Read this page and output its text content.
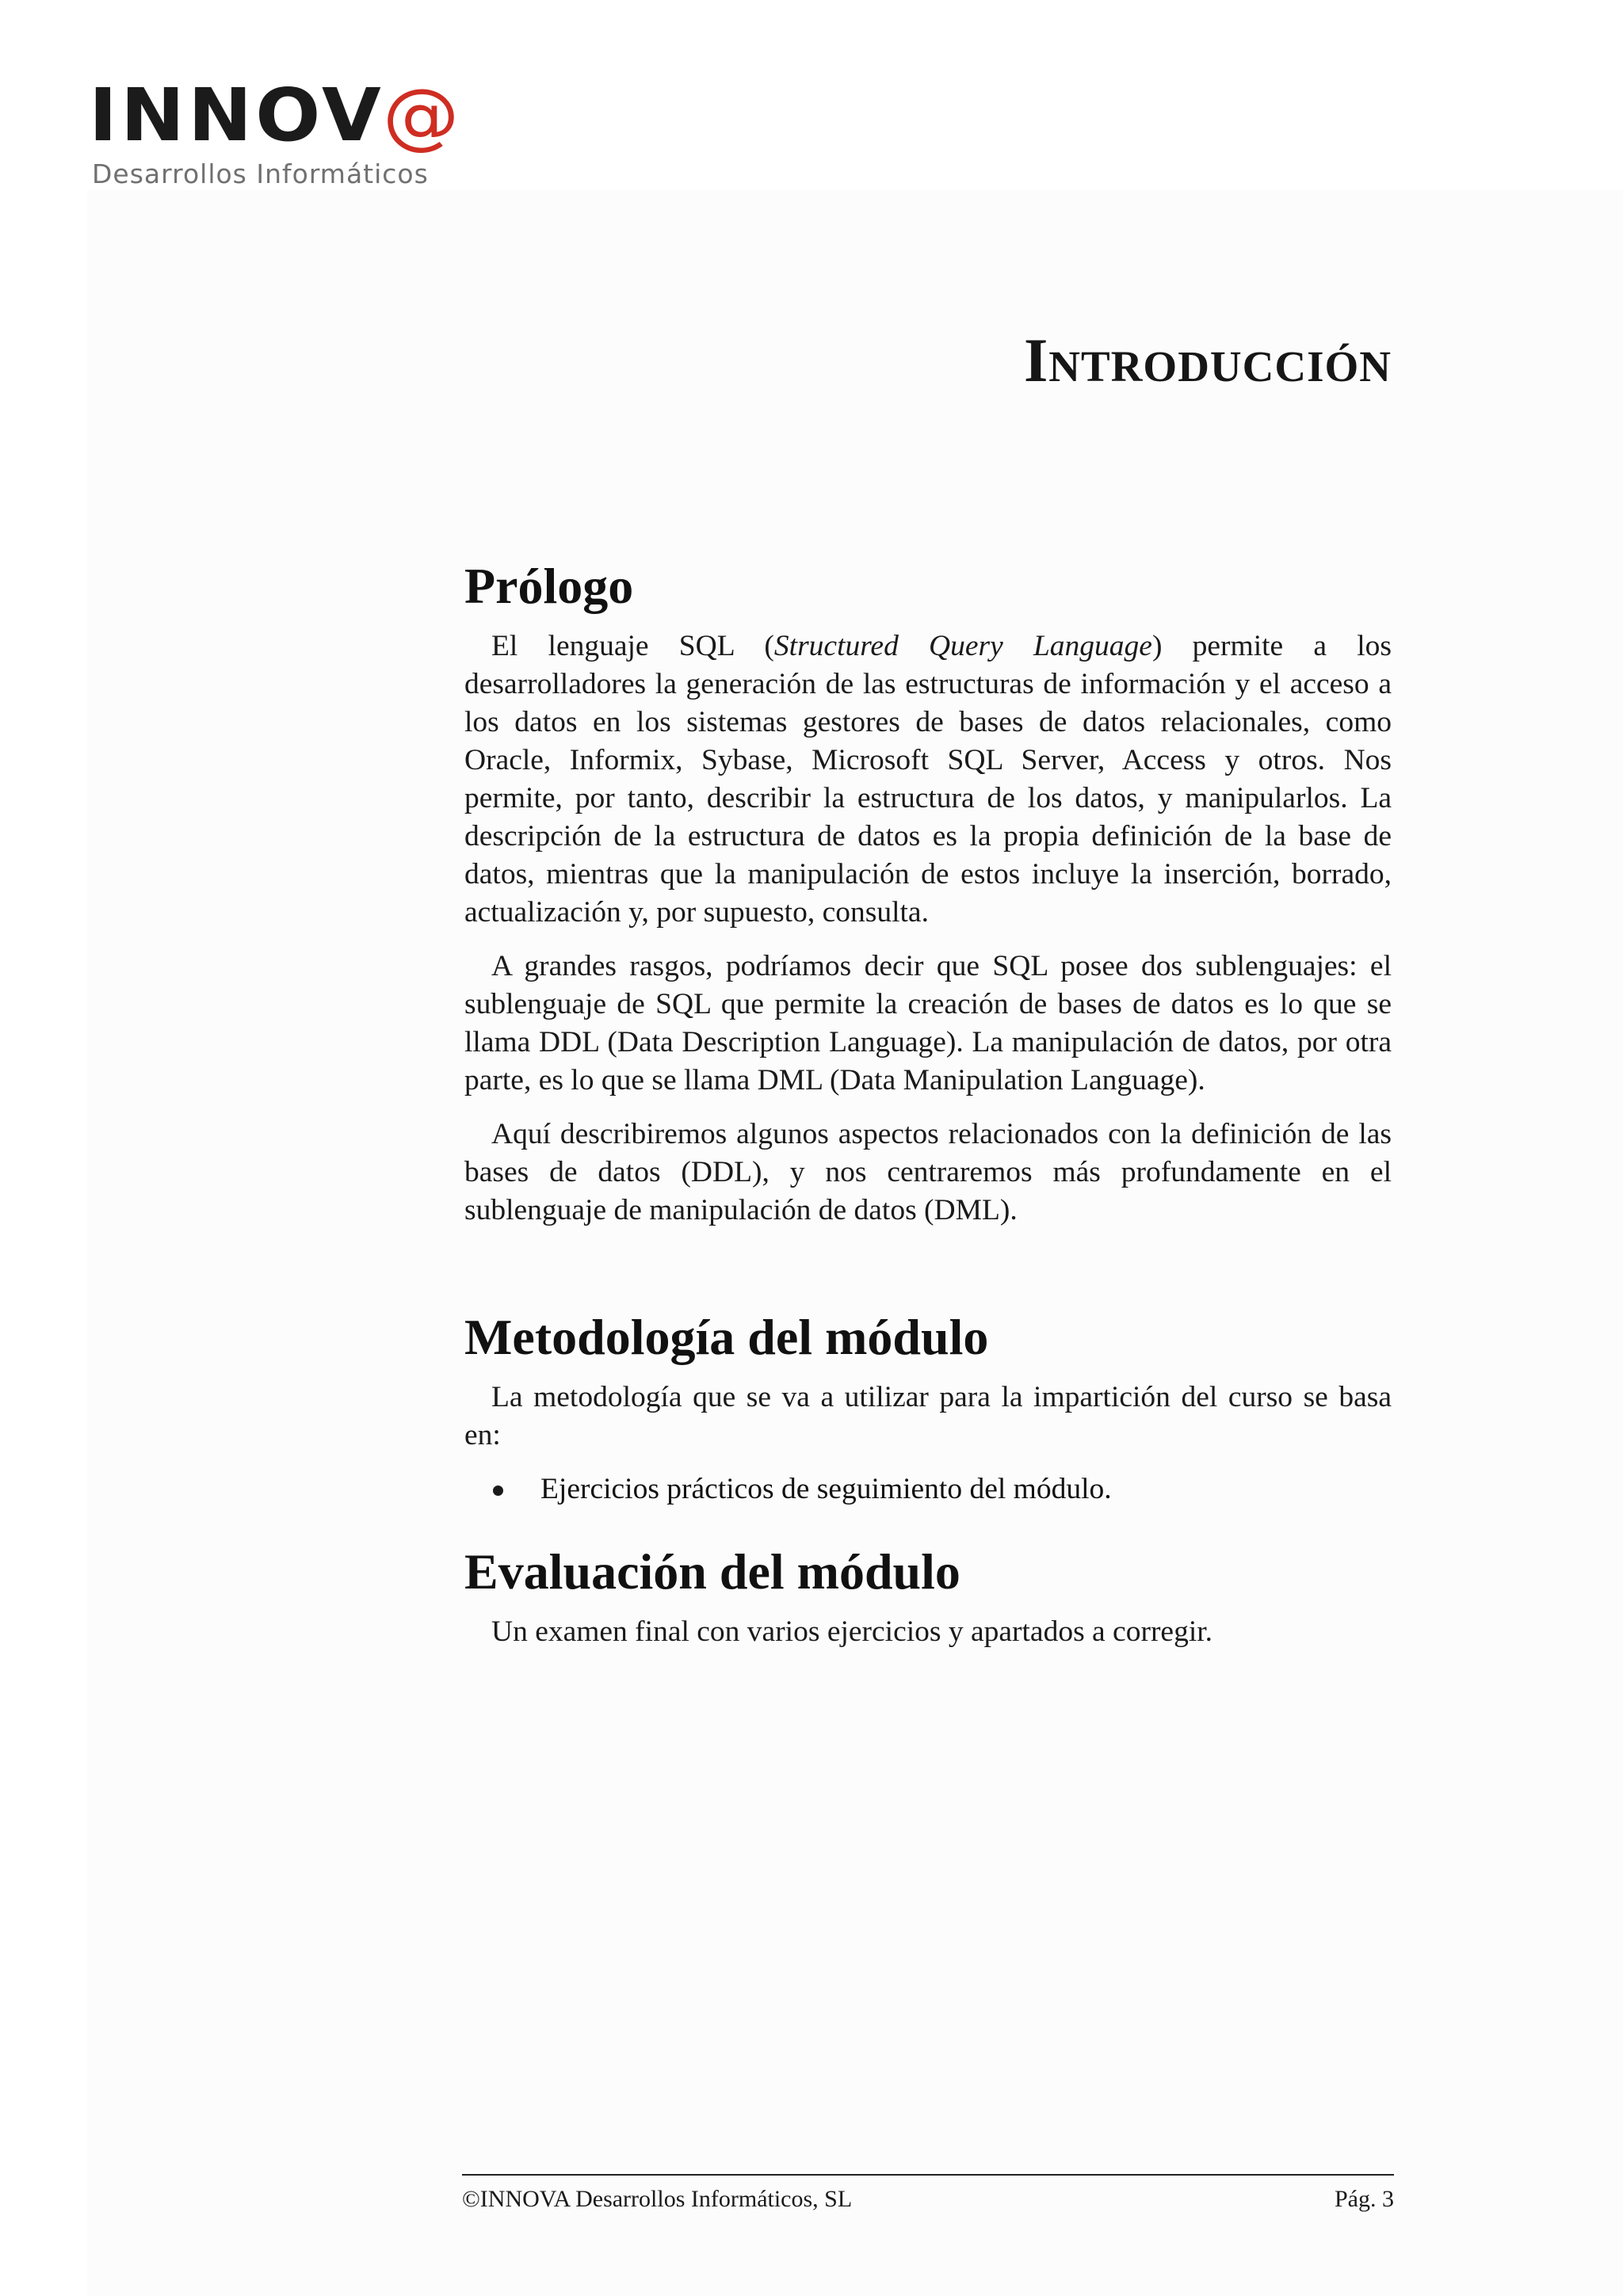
INNOV@
Desarrollos Informáticos
Introducción
Prólogo

El lenguaje SQL (Structured Query Language) permite a los desarrolladores la generación de las estructuras de información y el acceso a los datos en los sistemas gestores de bases de datos relacionales, como Oracle, Informix, Sybase, Microsoft SQL Server, Access y otros. Nos permite, por tanto, describir la estructura de los datos, y manipularlos. La descripción de la estructura de datos es la propia definición de la base de datos, mientras que la manipulación de estos incluye la inserción, borrado, actualización y, por supuesto, consulta.

A grandes rasgos, podríamos decir que SQL posee dos sublenguajes: el sublenguaje de SQL que permite la creación de bases de datos es lo que se llama DDL (Data Description Language). La manipulación de datos, por otra parte, es lo que se llama DML (Data Manipulation Language).

Aquí describiremos algunos aspectos relacionados con la definición de las bases de datos (DDL), y nos centraremos más profundamente en el sublenguaje de manipulación de datos (DML).

Metodología del módulo

La metodología que se va a utilizar para la impartición del curso se basa en:

Ejercicios prácticos de seguimiento del módulo.
Evaluación del módulo

Un examen final con varios ejercicios y apartados a corregir.

©INNOVA Desarrollos Informáticos, SL	Pág. 3
